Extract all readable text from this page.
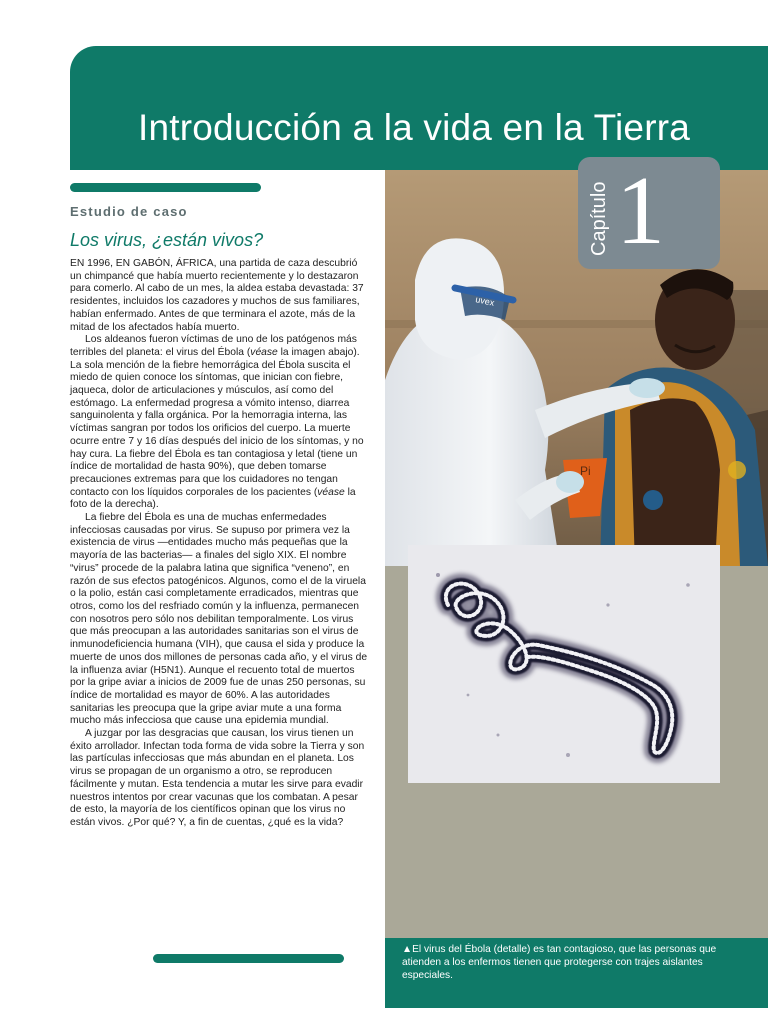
Introducción a la vida en la Tierra
Capítulo 1
Estudio de caso
Los virus, ¿están vivos?

EN 1996, EN GABÓN, ÁFRICA, una partida de caza descubrió un chimpancé que había muerto recientemente y lo destazaron para comerlo. Al cabo de un mes, la aldea estaba devastada: 37 residentes, incluidos los cazadores y muchos de sus familiares, habían enfermado. Antes de que terminara el azote, más de la mitad de los afectados había muerto.

Los aldeanos fueron víctimas de uno de los patógenos más terribles del planeta: el virus del Ébola (véase la imagen abajo). La sola mención de la fiebre hemorrágica del Ébola suscita el miedo de quien conoce los síntomas, que inician con fiebre, jaqueca, dolor de articulaciones y músculos, así como del estómago. La enfermedad progresa a vómito intenso, diarrea sanguinolenta y falla orgánica. Por la hemorragia interna, las víctimas sangran por todos los orificios del cuerpo. La muerte ocurre entre 7 y 16 días después del inicio de los síntomas, y no hay cura. La fiebre del Ébola es tan contagiosa y letal (tiene un índice de mortalidad de hasta 90%), que deben tomarse precauciones extremas para que los cuidadores no tengan contacto con los líquidos corporales de los pacientes (véase la foto de la derecha).

La fiebre del Ébola es una de muchas enfermedades infecciosas causadas por virus. Se supuso por primera vez la existencia de virus —entidades mucho más pequeñas que la mayoría de las bacterias— a finales del siglo XIX. El nombre “virus” procede de la palabra latina que significa “veneno”, en razón de sus efectos patogénicos. Algunos, como el de la viruela o la polio, están casi completamente erradicados, mientras que otros, como los del resfriado común y la influenza, permanecen con nosotros pero sólo nos debilitan temporalmente. Los virus que más preocupan a las autoridades sanitarias son el virus de inmunodeficiencia humana (VIH), que causa el sida y produce la muerte de unos dos millones de personas cada año, y el virus de la influenza aviar (H5N1). Aunque el recuento total de muertos por la gripe aviar a inicios de 2009 fue de unas 250 personas, su índice de mortalidad es mayor de 60%. A las autoridades sanitarias les preocupa que la gripe aviar mute a una forma mucho más infecciosa que cause una epidemia mundial.

A juzgar por las desgracias que causan, los virus tienen un éxito arrollador. Infectan toda forma de vida sobre la Tierra y son las partículas infecciosas que más abundan en el planeta. Los virus se propagan de un organismo a otro, se reproducen fácilmente y mutan. Esta tendencia a mutar les sirve para evadir nuestros intentos por crear vacunas que los combatan. A pesar de esto, la mayoría de los científicos opinan que los virus no están vivos. ¿Por qué? Y, a fin de cuentas, ¿qué es la vida?

Pi
uvex
▲El virus del Ébola (detalle) es tan contagioso, que las personas que atienden a los enfermos tienen que protegerse con trajes aislantes especiales.
